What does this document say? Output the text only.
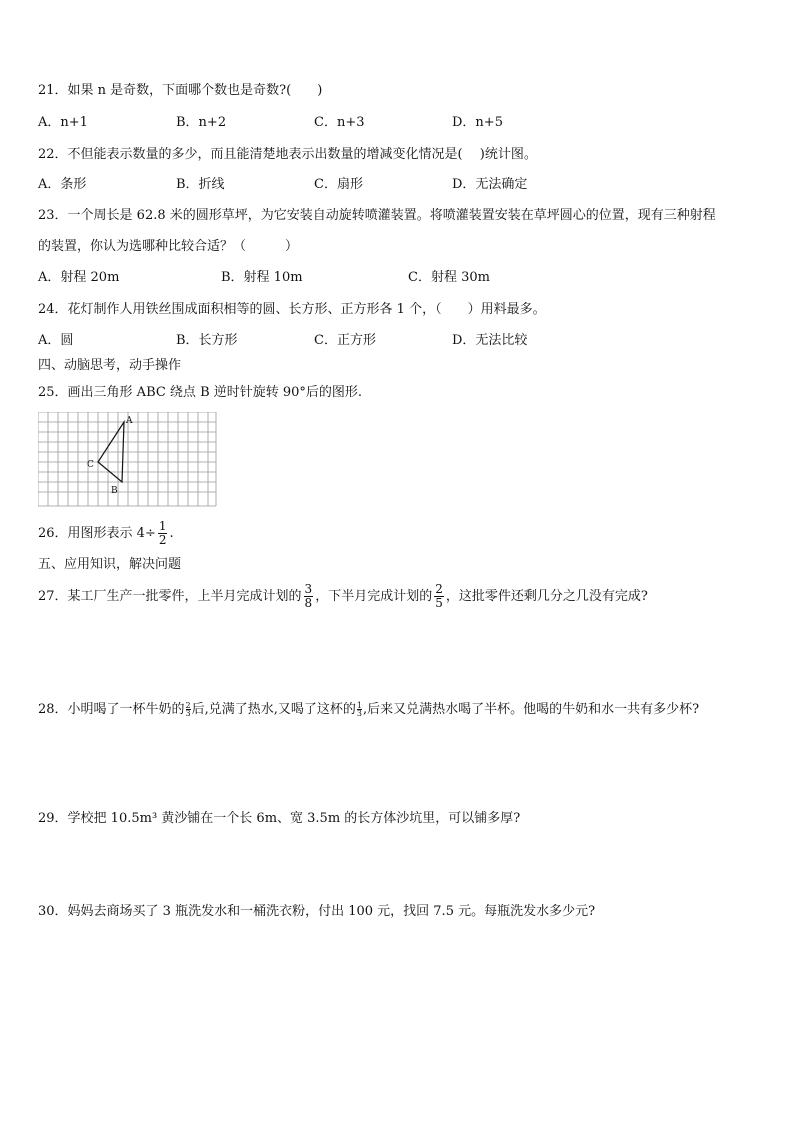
21．如果 n 是奇数，下面哪个数也是奇数?(　　)
A．n+1	B．n+2	C．n+3	D．n+5
22．不但能表示数量的多少，而且能清楚地表示出数量的增减变化情况是(　 )统计图。
A．条形	B．折线	C．扇形	D．无法确定
23．一个周长是 62.8 米的圆形草坪，为它安装自动旋转喷灌装置。将喷灌装置安装在草坪圆心的位置，现有三种射程
的装置，你认为选哪种比较合适？（　　　）
A．射程 20m	B．射程 10m	C．射程 30m
24．花灯制作人用铁丝围成面积相等的圆、长方形、正方形各 1 个，（　　）用料最多。
A．圆	B．长方形	C．正方形	D．无法比较
四、动脑思考，动手操作
25．画出三角形 ABC 绕点 B 逆时针旋转 90°后的图形.
A
B
C
26．用图形表示 $4\div \frac{1}{2}$ .
五、应用知识，解决问题
27．某工厂生产一批零件，上半月完成计划的 $\frac{3}{8}$ ，下半月完成计划的 $\frac{2}{5}$ ，这批零件还剩几分之几没有完成?
28．小明喝了一杯牛奶的 $\frac{2}{3}$ 后,兑满了热水,又喝了这杯的 $\frac{1}{3}$ ,后来又兑满热水喝了半杯。他喝的牛奶和水一共有多少杯?
29．学校把 10.5m³ 黄沙铺在一个长 6m、宽 3.5m 的长方体沙坑里，可以铺多厚?
30．妈妈去商场买了 3 瓶洗发水和一桶洗衣粉，付出 100 元，找回 7.5 元。每瓶洗发水多少元?
